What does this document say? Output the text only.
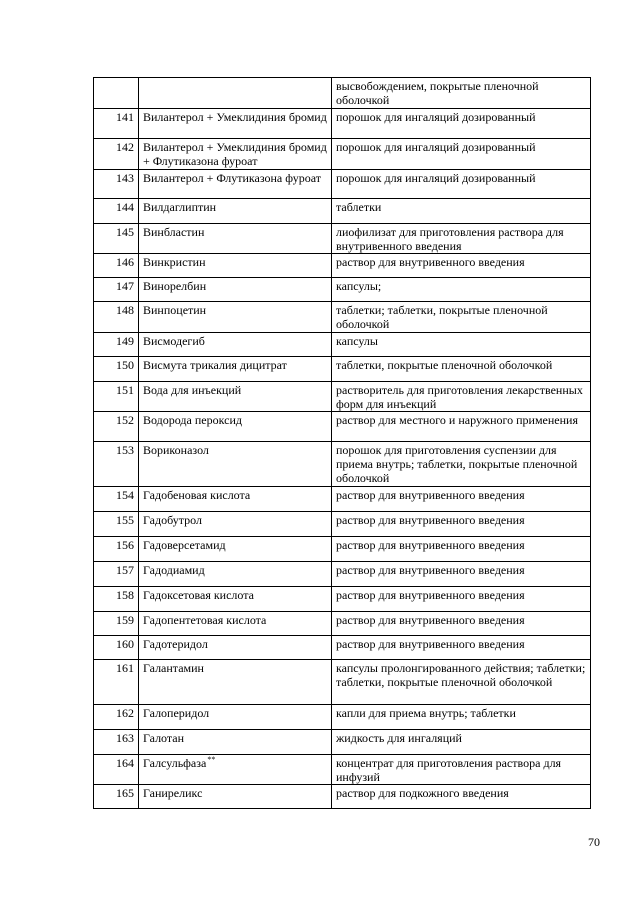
		высвобождением, покрытые пленочной оболочкой
141	Вилантерол + Умеклидиния бромид	порошок для ингаляций дозированный
142	Вилантерол + Умеклидиния бромид + Флутиказона фуроат	порошок для ингаляций дозированный
143	Вилантерол + Флутиказона фуроат	порошок для ингаляций дозированный
144	Вилдаглиптин	таблетки
145	Винбластин	лиофилизат для приготовления раствора для внутривенного введения
146	Винкристин	раствор для внутривенного введения
147	Винорелбин	капсулы;
148	Винпоцетин	таблетки; таблетки, покрытые пленочной оболочкой
149	Висмодегиб	капсулы
150	Висмута трикалия дицитрат	таблетки, покрытые пленочной оболочкой
151	Вода для инъекций	растворитель для приготовления лекарственных форм для инъекций
152	Водорода пероксид	раствор для местного и наружного применения
153	Вориконазол	порошок для приготовления суспензии для приема внутрь; таблетки, покрытые пленочной оболочкой
154	Гадобеновая кислота	раствор для внутривенного введения
155	Гадобутрол	раствор для внутривенного введения
156	Гадоверсетамид	раствор для внутривенного введения
157	Гадодиамид	раствор для внутривенного введения
158	Гадоксетовая кислота	раствор для внутривенного введения
159	Гадопентетовая кислота	раствор для внутривенного введения
160	Гадотеридол	раствор для внутривенного введения
161	Галантамин	капсулы пролонгированного действия; таблетки; таблетки, покрытые пленочной оболочкой
162	Галоперидол	капли для приема внутрь; таблетки
163	Галотан	жидкость для ингаляций
164	Галсульфаза**	концентрат для приготовления раствора для инфузий
165	Ганиреликс	раствор для подкожного введения
70
